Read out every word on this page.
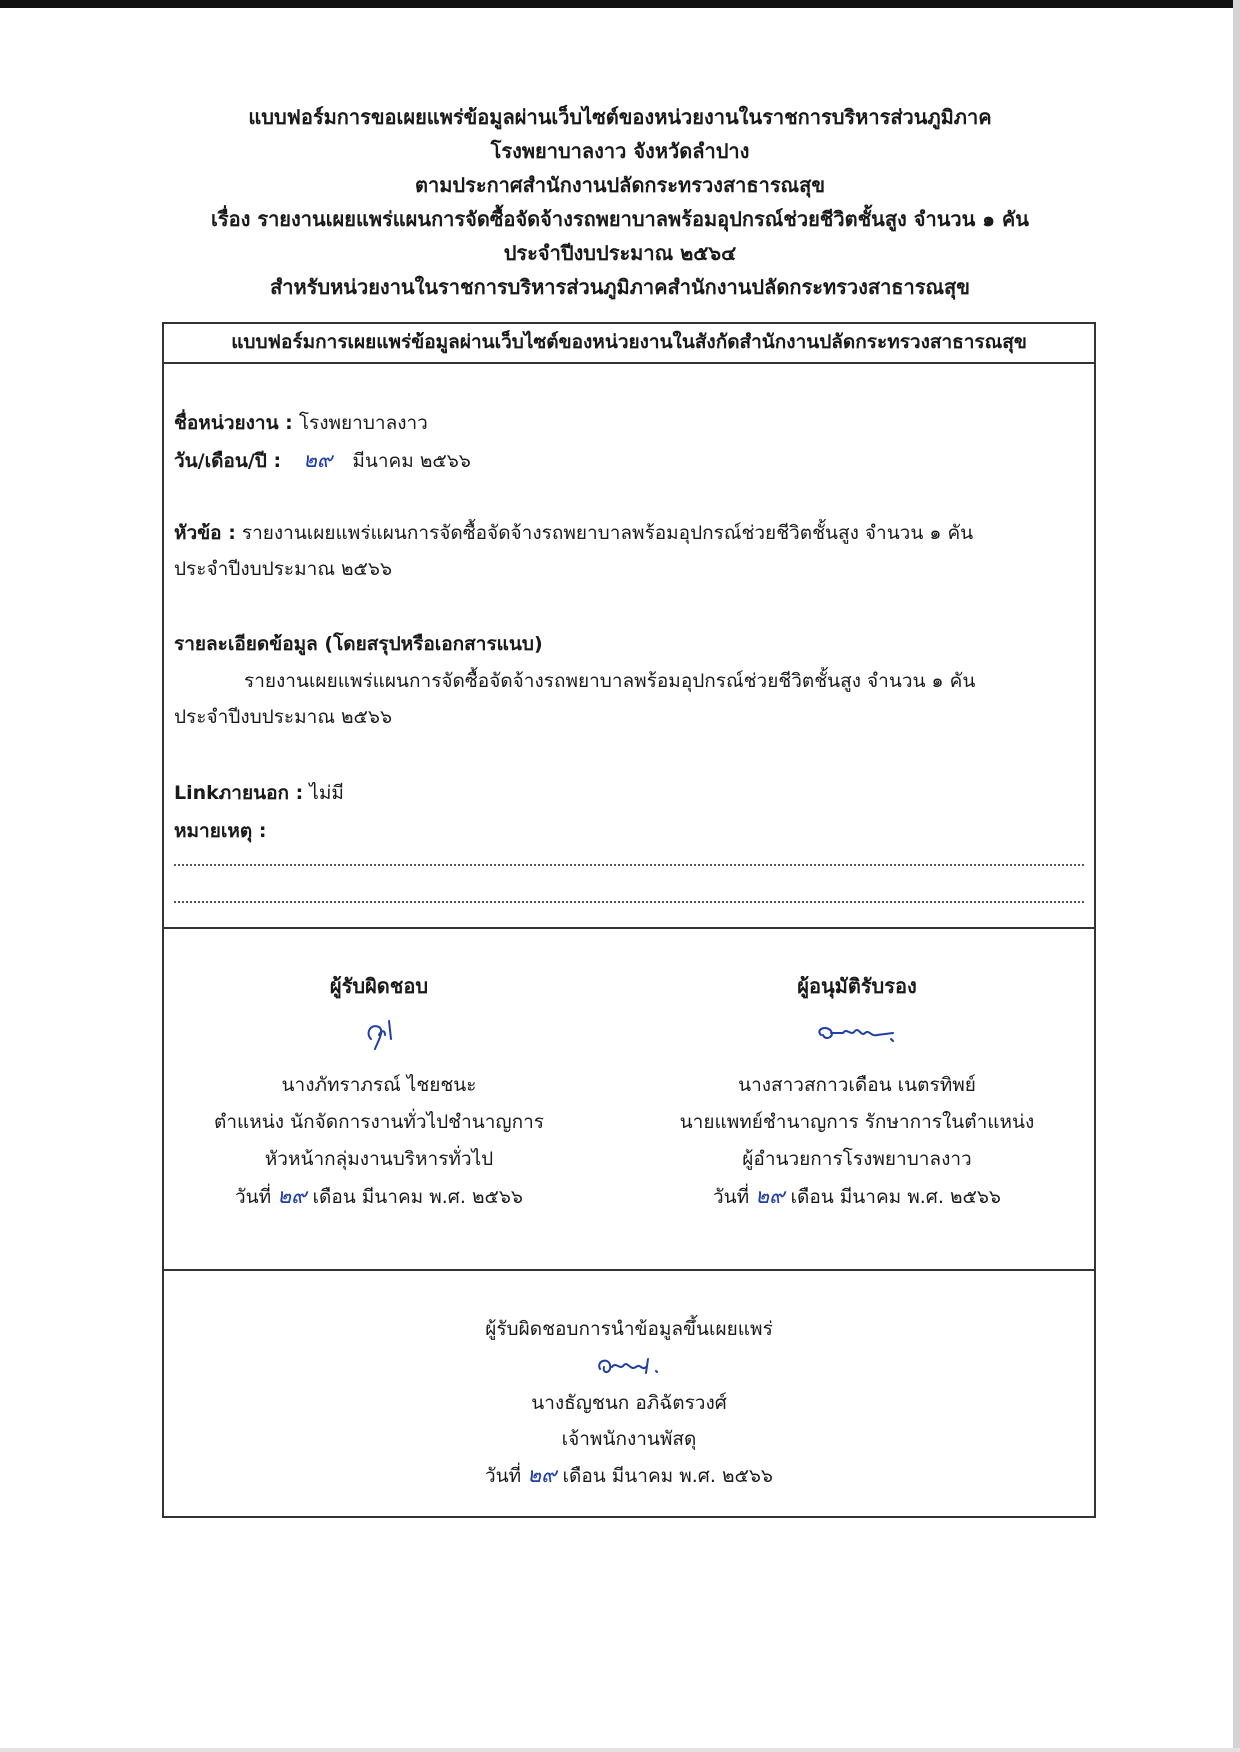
แบบฟอร์มการขอเผยแพร่ข้อมูลผ่านเว็บไซต์ของหน่วยงานในราชการบริหารส่วนภูมิภาค
โรงพยาบาลงาว จังหวัดลำปาง
ตามประกาศสำนักงานปลัดกระทรวงสาธารณสุข
เรื่อง รายงานเผยแพร่แผนการจัดซื้อจัดจ้างรถพยาบาลพร้อมอุปกรณ์ช่วยชีวิตชั้นสูง จำนวน ๑ คัน
ประจำปีงบประมาณ ๒๕๖๔
สำหรับหน่วยงานในราชการบริหารส่วนภูมิภาคสำนักงานปลัดกระทรวงสาธารณสุข
แบบฟอร์มการเผยแพร่ข้อมูลผ่านเว็บไซต์ของหน่วยงานในสังกัดสำนักงานปลัดกระทรวงสาธารณสุข
ชื่อหน่วยงาน : โรงพยาบาลงาว
วัน/เดือน/ปี : ๒๙ มีนาคม ๒๕๖๖
หัวข้อ : รายงานเผยแพร่แผนการจัดซื้อจัดจ้างรถพยาบาลพร้อมอุปกรณ์ช่วยชีวิตชั้นสูง จำนวน ๑ คัน
ประจำปีงบประมาณ ๒๕๖๖
รายละเอียดข้อมูล (โดยสรุปหรือเอกสารแนบ)
รายงานเผยแพร่แผนการจัดซื้อจัดจ้างรถพยาบาลพร้อมอุปกรณ์ช่วยชีวิตชั้นสูง จำนวน ๑ คัน
ประจำปีงบประมาณ ๒๕๖๖
Linkภายนอก : ไม่มี
หมายเหตุ :
ผู้รับผิดชอบ
นางภัทราภรณ์ ไชยชนะ
ตำแหน่ง นักจัดการงานทั่วไปชำนาญการ
หัวหน้ากลุ่มงานบริหารทั่วไป
วันที่ ๒๙ เดือน มีนาคม พ.ศ. ๒๕๖๖
ผู้อนุมัติรับรอง
นางสาวสกาวเดือน เนตรทิพย์
นายแพทย์ชำนาญการ รักษาการในตำแหน่ง
ผู้อำนวยการโรงพยาบาลงาว
วันที่ ๒๙ เดือน มีนาคม พ.ศ. ๒๕๖๖
ผู้รับผิดชอบการนำข้อมูลขึ้นเผยแพร่
นางธัญชนก อภิฉัตรวงศ์
เจ้าพนักงานพัสดุ
วันที่ ๒๙ เดือน มีนาคม พ.ศ. ๒๕๖๖
